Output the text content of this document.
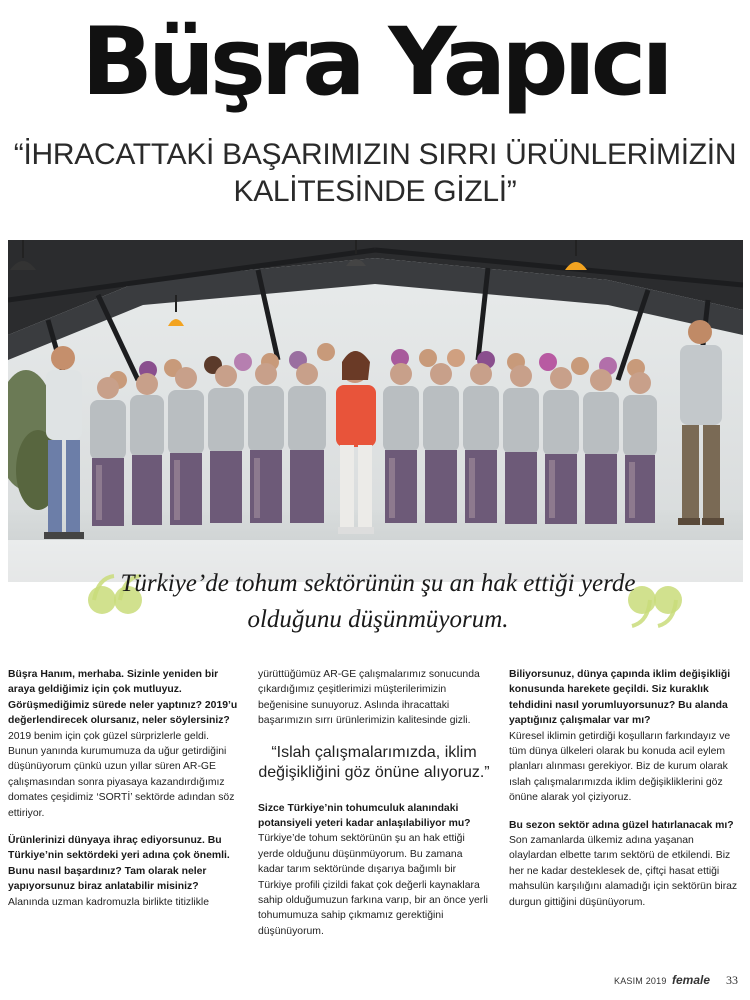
Büşra Yapıcı
“İHRACATTAKİ BAŞARIMIZIN SIRRI ÜRÜNLERİMİZİN
KALİTESİNDE GİZLİ”
Türkiye’de tohum sektörünün şu an hak ettiği yerde
olduğunu düşünmüyorum.

Büşra Hanım, merhaba. Sizinle yeniden bir araya geldiğimiz için çok mutluyuz. Görüşmediğimiz sürede neler yaptınız? 2019’u değerlendirecek olursanız, neler söylersiniz?

2019 benim için çok güzel sürprizlerle geldi. Bunun yanında kurumumuza da uğur getirdiğini düşünüyorum çünkü uzun yıllar süren AR-GE çalışmasından sonra piyasaya kazandırdığımız domates çeşidimiz ‘SORTİ’ sektörde adından söz ettiriyor.

Ürünlerinizi dünyaya ihraç ediyorsunuz. Bu Türkiye’nin sektördeki yeri adına çok önemli. Bunu nasıl başardınız? Tam olarak neler yapıyorsunuz biraz anlatabilir misiniz?

Alanında uzman kadromuzla birlikte titizlikle

yürüttüğümüz AR-GE çalışmalarımız sonucunda çıkardığımız çeşitlerimizi müşterilerimizin beğenisine sunuyoruz. Aslında ihracattaki başarımızın sırrı ürünlerimizin kalitesinde gizli.

“Islah çalışmalarımızda, iklim değişikliğini göz önüne alıyoruz.”

Sizce Türkiye’nin tohumculuk alanındaki potansiyeli yeteri kadar anlaşılabiliyor mu?

Türkiye’de tohum sektörünün şu an hak ettiği yerde olduğunu düşünmüyorum. Bu zamana kadar tarım sektöründe dışarıya bağımlı bir Türkiye profili çizildi fakat çok değerli kaynaklara sahip olduğumuzun farkına varıp, bir an önce yerli tohumumuza sahip çıkmamız gerektiğini düşünüyorum.

Biliyorsunuz, dünya çapında iklim değişikliği konusunda harekete geçildi. Siz kuraklık tehdidini nasıl yorumluyorsunuz? Bu alanda yaptığınız çalışmalar var mı?

Küresel iklimin getirdiği koşulların farkındayız ve tüm dünya ülkeleri olarak bu konuda acil eylem planları alınması gerekiyor. Biz de kurum olarak ıslah çalışmalarımızda iklim değişikliklerini göz önüne alarak yol çiziyoruz.

Bu sezon sektör adına güzel hatırlanacak mı?

Son zamanlarda ülkemiz adına yaşanan olaylardan elbette tarım sektörü de etkilendi. Biz her ne kadar desteklesek de, çiftçi hasat ettiği mahsulün karşılığını alamadığı için sektörün biraz durgun gittiğini düşünüyorum.

KASIM 2019 female 33
